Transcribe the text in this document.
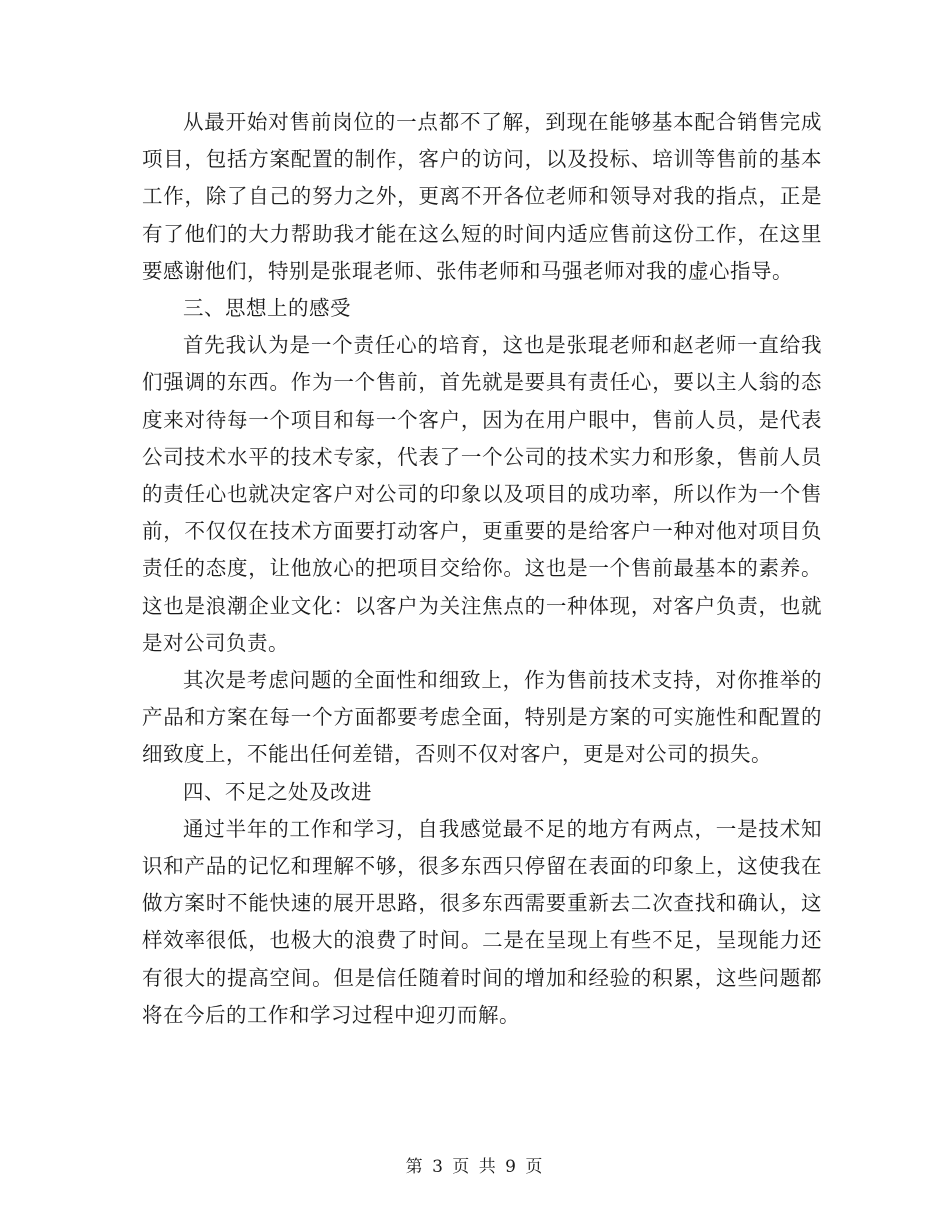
从最开始对售前岗位的一点都不了解，到现在能够基本配合销售完成项目，包括方案配置的制作，客户的访问，以及投标、培训等售前的基本工作，除了自己的努力之外，更离不开各位老师和领导对我的指点，正是有了他们的大力帮助我才能在这么短的时间内适应售前这份工作，在这里要感谢他们，特别是张琨老师、张伟老师和马强老师对我的虚心指导。

三、思想上的感受

首先我认为是一个责任心的培育，这也是张琨老师和赵老师一直给我们强调的东西。作为一个售前，首先就是要具有责任心，要以主人翁的态度来对待每一个项目和每一个客户，因为在用户眼中，售前人员，是代表公司技术水平的技术专家，代表了一个公司的技术实力和形象，售前人员的责任心也就决定客户对公司的印象以及项目的成功率，所以作为一个售前，不仅仅在技术方面要打动客户，更重要的是给客户一种对他对项目负责任的态度，让他放心的把项目交给你。这也是一个售前最基本的素养。这也是浪潮企业文化：以客户为关注焦点的一种体现，对客户负责，也就是对公司负责。

其次是考虑问题的全面性和细致上，作为售前技术支持，对你推举的产品和方案在每一个方面都要考虑全面，特别是方案的可实施性和配置的细致度上，不能出任何差错，否则不仅对客户，更是对公司的损失。

四、不足之处及改进

通过半年的工作和学习，自我感觉最不足的地方有两点，一是技术知识和产品的记忆和理解不够，很多东西只停留在表面的印象上，这使我在做方案时不能快速的展开思路，很多东西需要重新去二次查找和确认，这样效率很低，也极大的浪费了时间。二是在呈现上有些不足，呈现能力还有很大的提高空间。但是信任随着时间的增加和经验的积累，这些问题都将在今后的工作和学习过程中迎刃而解。

第 3 页 共 9 页
